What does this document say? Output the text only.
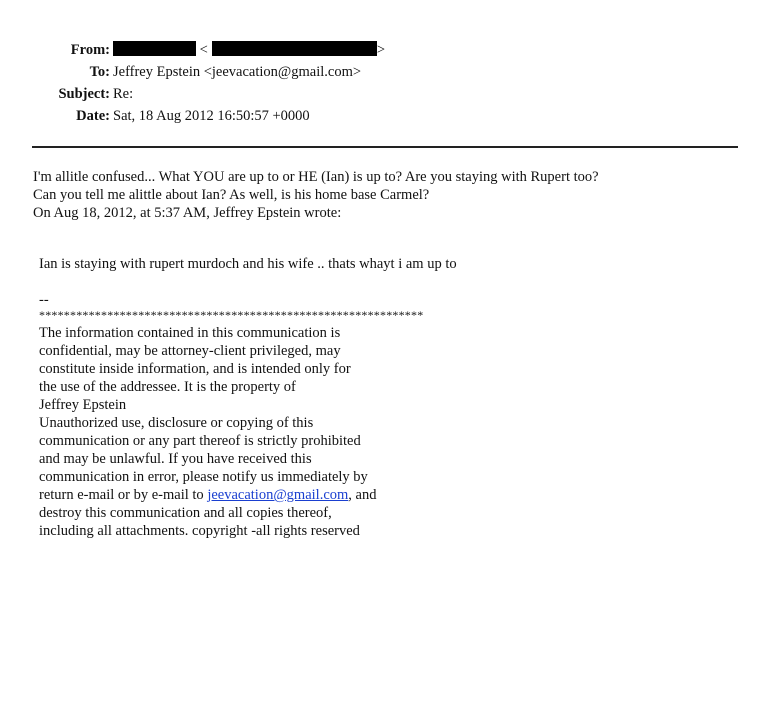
From:	<	>
To: Jeffrey Epstein <jeevacation@gmail.com>
Subject: Re:
Date: Sat, 18 Aug 2012 16:50:57 +0000
I'm allitle confused... What YOU are up to or HE (Ian) is up to? Are you staying with Rupert too?
Can you tell me alittle about Ian? As well, is his home base Carmel?
On Aug 18, 2012, at 5:37 AM, Jeffrey Epstein wrote:
Ian is staying with rupert murdoch and his wife .. thats whayt i am up to
--
**************************************************************
The information contained in this communication is
confidential, may be attorney-client privileged, may
constitute inside information, and is intended only for
the use of the addressee. It is the property of
Jeffrey Epstein
Unauthorized use, disclosure or copying of this
communication or any part thereof is strictly prohibited
and may be unlawful. If you have received this
communication in error, please notify us immediately by
return e-mail or by e-mail to jeevacation@gmail.com, and
destroy this communication and all copies thereof,
including all attachments. copyright -all rights reserved
